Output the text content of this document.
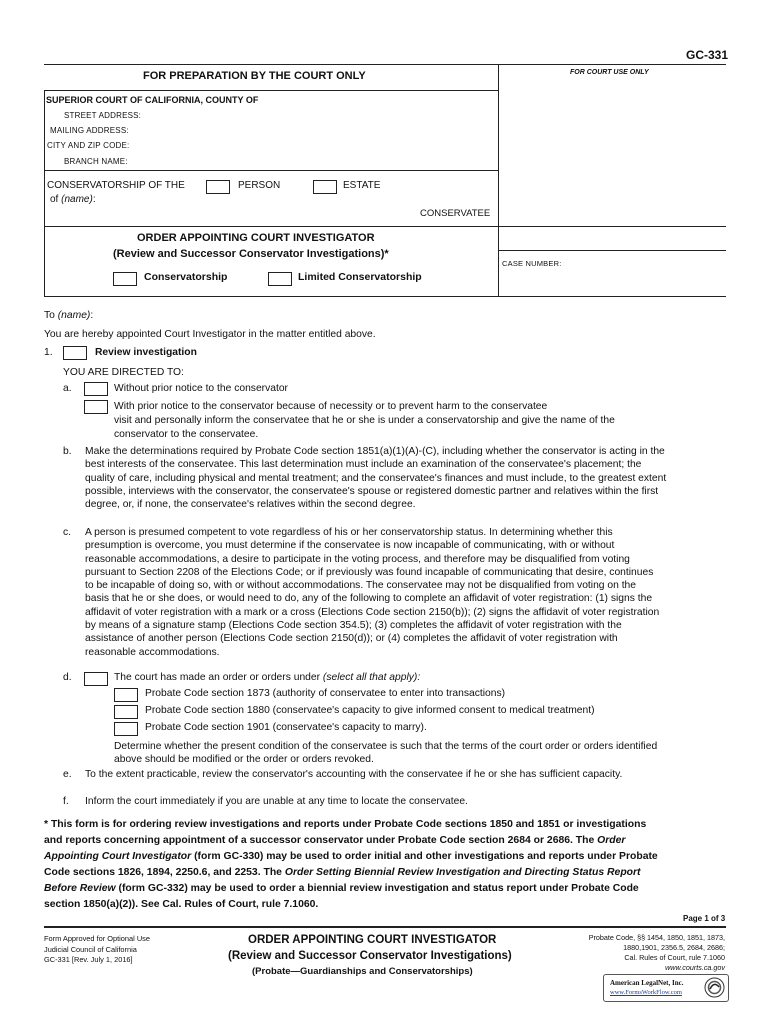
GC-331
FOR PREPARATION BY THE COURT ONLY	FOR COURT USE ONLY
SUPERIOR COURT OF CALIFORNIA, COUNTY OF
STREET ADDRESS:
MAILING ADDRESS:
CITY AND ZIP CODE:
BRANCH NAME:
CONSERVATORSHIP OF THE	PERSON	ESTATE
of (name):
CONSERVATEE
ORDER APPOINTING COURT INVESTIGATOR
(Review and Successor Conservator Investigations)*
Conservatorship	Limited Conservatorship
CASE NUMBER:
To (name):
You are hereby appointed Court Investigator in the matter entitled above.
1.	Review investigation
YOU ARE DIRECTED TO:
a.	Without prior notice to the conservator
With prior notice to the conservator because of necessity or to prevent harm to the conservatee
visit and personally inform the conservatee that he or she is under a conservatorship and give the name of the
conservator to the conservatee.
b. Make the determinations required by Probate Code section 1851(a)(1)(A)-(C), including whether the conservator is acting in the
best interests of the conservatee. This last determination must include an examination of the conservatee's placement; the
quality of care, including physical and mental treatment; and the conservatee's finances and must include, to the greatest extent
possible, interviews with the conservator, the conservatee's spouse or registered domestic partner and relatives within the first
degree, or, if none, the conservatee's relatives within the second degree.
c. A person is presumed competent to vote regardless of his or her conservatorship status. In determining whether this
presumption is overcome, you must determine if the conservatee is now incapable of communicating, with or without
reasonable accommodations, a desire to participate in the voting process, and therefore may be disqualified from voting
pursuant to Section 2208 of the Elections Code; or if previously was found incapable of communicating that desire, continues
to be incapable of doing so, with or without accommodations. The conservatee may not be disqualified from voting on the
basis that he or she does, or would need to do, any of the following to complete an affidavit of voter registration: (1) signs the
affidavit of voter registration with a mark or a cross (Elections Code section 2150(b)); (2) signs the affidavit of voter registration
by means of a signature stamp (Elections Code section 354.5); (3) completes the affidavit of voter registration with the
assistance of another person (Elections Code section 2150(d)); or (4) completes the affidavit of voter registration with
reasonable accommodations.
d.	The court has made an order or orders under (select all that apply):
Probate Code section 1873 (authority of conservatee to enter into transactions)
Probate Code section 1880 (conservatee's capacity to give informed consent to medical treatment)
Probate Code section 1901 (conservatee's capacity to marry).
Determine whether the present condition of the conservatee is such that the terms of the court order or orders identified
above should be modified or the order or orders revoked.
e. To the extent practicable, review the conservator's accounting with the conservatee if he or she has sufficient capacity.
f. Inform the court immediately if you are unable at any time to locate the conservatee.
* This form is for ordering review investigations and reports under Probate Code sections 1850 and 1851 or investigations
and reports concerning appointment of a successor conservator under Probate Code section 2684 or 2686. The Order
Appointing Court Investigator (form GC-330) may be used to order initial and other investigations and reports under Probate
Code sections 1826, 1894, 2250.6, and 2253. The Order Setting Biennial Review Investigation and Directing Status Report
Before Review (form GC-332) may be used to order a biennial review investigation and status report under Probate Code
section 1850(a)(2)). See Cal. Rules of Court, rule 7.1060.
Page 1 of 3
Form Approved for Optional Use
Judicial Council of California
GC-331 [Rev. July 1, 2016]
ORDER APPOINTING COURT INVESTIGATOR
(Review and Successor Conservator Investigations)
(Probate—Guardianships and Conservatorships)
Probate Code, §§ 1454, 1850, 1851, 1873,
1880,1901, 2356.5, 2684, 2686;
Cal. Rules of Court, rule 7.1060
www.courts.ca.gov
American LegalNet, Inc.
www.FormsWorkFlow.com
